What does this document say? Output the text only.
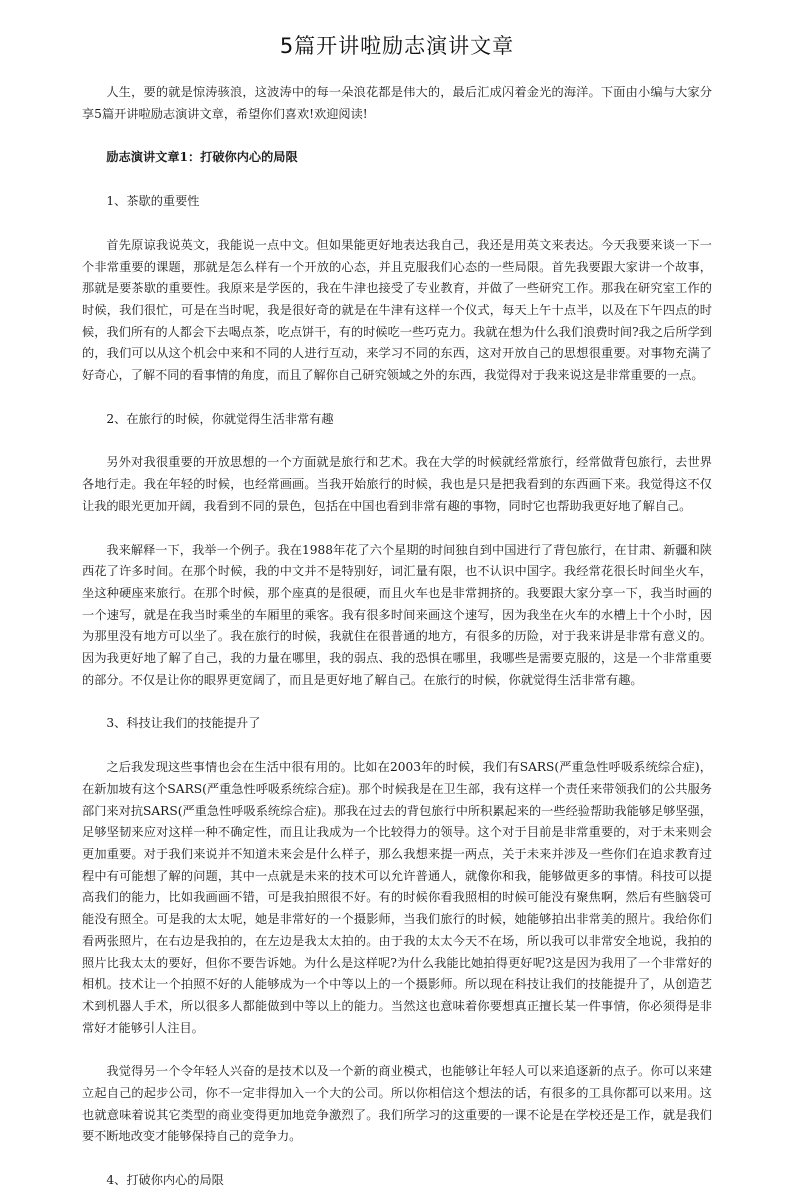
5篇开讲啦励志演讲文章

人生，要的就是惊涛骇浪，这波涛中的每一朵浪花都是伟大的，最后汇成闪着金光的海洋。下面由小编与大家分享5篇开讲啦励志演讲文章，希望你们喜欢!欢迎阅读!

励志演讲文章1：打破你内心的局限

1、茶歇的重要性

首先原谅我说英文，我能说一点中文。但如果能更好地表达我自己，我还是用英文来表达。今天我要来谈一下一个非常重要的课题，那就是怎么样有一个开放的心态，并且克服我们心态的一些局限。首先我要跟大家讲一个故事，那就是要茶歇的重要性。我原来是学医的，我在牛津也接受了专业教育，并做了一些研究工作。那我在研究室工作的时候，我们很忙，可是在当时呢，我是很好奇的就是在牛津有这样一个仪式，每天上午十点半，以及在下午四点的时候，我们所有的人都会下去喝点茶，吃点饼干，有的时候吃一些巧克力。我就在想为什么我们浪费时间?我之后所学到的，我们可以从这个机会中来和不同的人进行互动，来学习不同的东西，这对开放自己的思想很重要。对事物充满了好奇心，了解不同的看事情的角度，而且了解你自己研究领域之外的东西，我觉得对于我来说这是非常重要的一点。

2、在旅行的时候，你就觉得生活非常有趣

另外对我很重要的开放思想的一个方面就是旅行和艺术。我在大学的时候就经常旅行，经常做背包旅行，去世界各地行走。我在年轻的时候，也经常画画。当我开始旅行的时候，我也是只是把我看到的东西画下来。我觉得这不仅让我的眼光更加开阔，我看到不同的景色，包括在中国也看到非常有趣的事物，同时它也帮助我更好地了解自己。

我来解释一下，我举一个例子。我在1988年花了六个星期的时间独自到中国进行了背包旅行，在甘肃、新疆和陕西花了许多时间。在那个时候，我的中文并不是特别好，词汇量有限，也不认识中国字。我经常花很长时间坐火车，坐这种硬座来旅行。在那个时候，那个座真的是很硬，而且火车也是非常拥挤的。我要跟大家分享一下，我当时画的一个速写，就是在我当时乘坐的车厢里的乘客。我有很多时间来画这个速写，因为我坐在火车的水槽上十个小时，因为那里没有地方可以坐了。我在旅行的时候，我就住在很普通的地方，有很多的历险，对于我来讲是非常有意义的。因为我更好地了解了自己，我的力量在哪里，我的弱点、我的恐惧在哪里，我哪些是需要克服的，这是一个非常重要的部分。不仅是让你的眼界更宽阔了，而且是更好地了解自己。在旅行的时候，你就觉得生活非常有趣。

3、科技让我们的技能提升了

之后我发现这些事情也会在生活中很有用的。比如在2003年的时候，我们有SARS(严重急性呼吸系统综合症)，在新加坡有这个SARS(严重急性呼吸系统综合症)。那个时候我是在卫生部，我有这样一个责任来带领我们的公共服务部门来对抗SARS(严重急性呼吸系统综合症)。那我在过去的背包旅行中所积累起来的一些经验帮助我能够足够坚强，足够坚韧来应对这样一种不确定性，而且让我成为一个比较得力的领导。这个对于目前是非常重要的，对于未来则会更加重要。对于我们来说并不知道未来会是什么样子，那么我想来提一两点，关于未来并涉及一些你们在追求教育过程中有可能想了解的问题，其中一点就是未来的技术可以允许普通人，就像你和我，能够做更多的事情。科技可以提高我们的能力，比如我画画不错，可是我拍照很不好。有的时候你看我照相的时候可能没有聚焦啊，然后有些脑袋可能没有照全。可是我的太太呢，她是非常好的一个摄影师，当我们旅行的时候，她能够拍出非常美的照片。我给你们看两张照片，在右边是我拍的，在左边是我太太拍的。由于我的太太今天不在场，所以我可以非常安全地说，我拍的照片比我太太的要好，但你不要告诉她。为什么是这样呢?为什么我能比她拍得更好呢?这是因为我用了一个非常好的相机。技术让一个拍照不好的人能够成为一个中等以上的一个摄影师。所以现在科技让我们的技能提升了，从创造艺术到机器人手术，所以很多人都能做到中等以上的能力。当然这也意味着你要想真正擅长某一件事情，你必须得是非常好才能够引人注目。

我觉得另一个令年轻人兴奋的是技术以及一个新的商业模式，也能够让年轻人可以来追逐新的点子。你可以来建立起自己的起步公司，你不一定非得加入一个大的公司。所以你相信这个想法的话，有很多的工具你都可以来用。这也就意味着说其它类型的商业变得更加地竞争激烈了。我们所学习的这重要的一课不论是在学校还是工作，就是我们要不断地改变才能够保持自己的竞争力。

4、打破你内心的局限
